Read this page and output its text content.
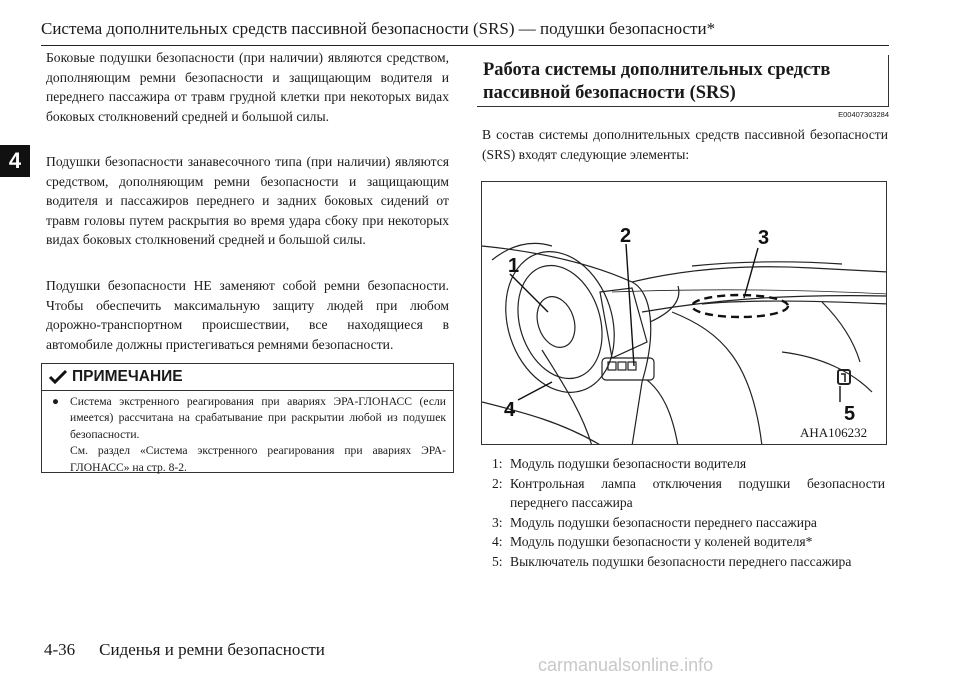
Система дополнительных средств пассивной безопасности (SRS) — подушки безопасности*
4

Боковые подушки безопасности (при наличии) являются средством, дополняющим ремни безопасности и защищающим водителя и переднего пассажира от травм грудной клетки при некоторых видах боковых столкновений средней и большой силы.

Подушки безопасности занавесочного типа (при наличии) являются средством, дополняющим ремни безопасности и защищающим водителя и пассажиров переднего и задних боковых сидений от травм головы путем раскрытия во время удара сбоку при некоторых видах боковых столкновений средней и большой силы.

Подушки безопасности НЕ заменяют собой ремни безопасности. Чтобы обеспечить максимальную защиту людей при любом дорожно-транспортном происшествии, все находящиеся в автомобиле должны пристегиваться ремнями безопасности.

ПРИМЕЧАНИЕ

● Система экстренного реагирования при авариях ЭРА-ГЛОНАСС (если имеется) рассчитана на срабатывание при раскрытии любой из подушек безопасности.

См. раздел «Система экстренного реагирования при авариях ЭРА-ГЛОНАСС» на стр. 8-2.

Работа системы дополнительных средств пассивной безопасности (SRS)
E00407303284

В состав системы дополнительных средств пассивной безопасности (SRS) входят следующие элементы:

1
2	3
4	5
AHA106232
1: Модуль подушки безопасности водителя
2: Контрольная лампа отключения подушки безопасности переднего пассажира
3: Модуль подушки безопасности переднего пассажира
4: Модуль подушки безопасности у коленей водителя*
5: Выключатель подушки безопасности переднего пассажира
4-36 Сиденья и ремни безопасности
carmanualsonline.info
